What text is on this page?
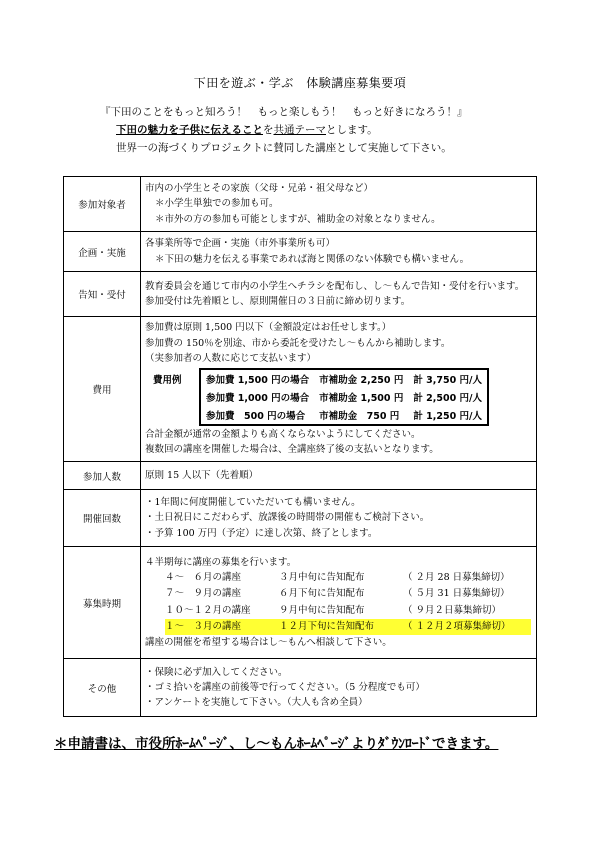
下田を遊ぶ・学ぶ　体験講座募集要項
『下田のことをもっと知ろう！　もっと楽しもう！　もっと好きになろう！』
下田の魅力を子供に伝えることを共通テーマとします。
世界一の海づくりプロジェクトに賛同した講座として実施して下さい。
参加対象者	
市内の小学生とその家族（父母・兄弟・祖父母など）
＊小学生単独での参加も可。
＊市外の方の参加も可能としますが、補助金の対象となりません。

企画・実施	
各事業所等で企画・実施（市外事業所も可）
＊下田の魅力を伝える事業であれば海と関係のない体験でも構いません。

告知・受付	
教育委員会を通じて市内の小学生へチラシを配布し、し～もんで告知・受付を行います。参加受付は先着順とし、原則開催日の３日前に締め切ります。

費用	
参加費は原則 1,500 円以下（金額設定はお任せします。）
参加費の 150％を別途、市から委託を受けたし～もんから補助します。
（実参加者の人数に応じて支払います）
費用例	参加費 1,500 円の場合	市補助金 2,250 円	計 3,750 円/人
参加費 1,000 円の場合	市補助金 1,500 円	計 2,500 円/人
参加費　500 円の場合	市補助金　750 円	計 1,250 円/人
合計金額が通常の金額よりも高くならないようにしてください。
複数回の講座を開催した場合は、全講座終了後の支払いとなります。

参加人数	原則 15 人以下（先着順）

開催回数	
・1年間に何度開催していただいても構いません。
・土日祝日にこだわらず、放課後の時間帯の開催もご検討下さい。
・予算 100 万円（予定）に達し次第、終了とします。

募集時期	
４半期毎に講座の募集を行います。
４～　６月の講座	３月中旬に告知配布	（ ２月 28 日募集締切）
７～　９月の講座	６月下旬に告知配布	（ ５月 31 日募集締切）
１０～１２月の講座	９月中旬に告知配布	（ ９月２日募集締切）
１～　３月の講座	１２月下旬に告知配布	（ １２月２項募集締切）
講座の開催を希望する場合はし～もんへ相談して下さい。

その他	
・保険に必ず加入してください。
・ゴミ拾いを講座の前後等で行ってください。（5 分程度でも可）
・アンケートを実施して下さい。（大人も含め全員）
＊申請書は、市役所ﾎｰﾑﾍﾟｰｼﾞ、し～もんﾎｰﾑﾍﾟｰｼﾞよりﾀﾞｳﾝﾛｰﾄﾞできます。
